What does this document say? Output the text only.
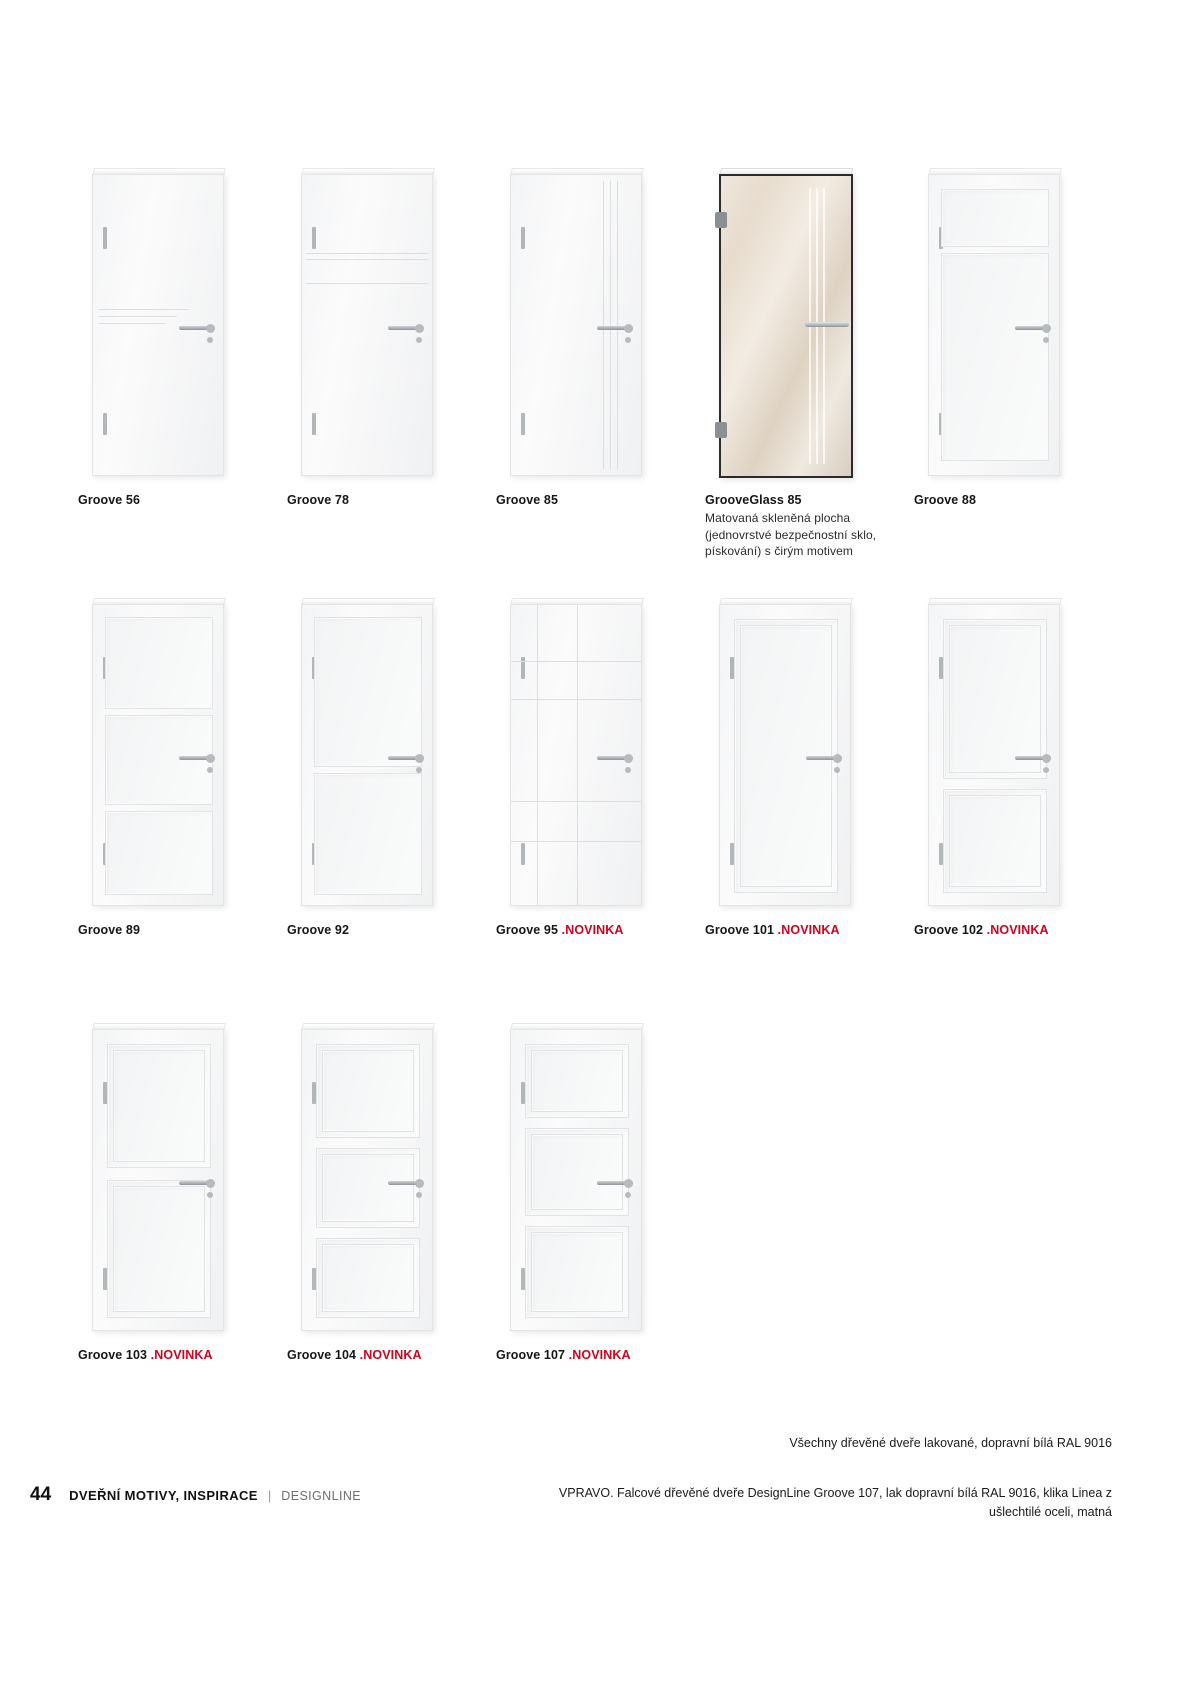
Groove 56	Groove 78	Groove 85	GrooveGlass 85
Matovaná skleněná plocha (jednovrstvé bezpečnostní sklo, pískování) s čirým motivem
Groove 88
Groove 89	Groove 92	Groove 95 .NOVINKA	Groove 101 .NOVINKA	Groove 102 .NOVINKA
Groove 103 .NOVINKA	Groove 104 .NOVINKA	Groove 107 .NOVINKA
Všechny dřevěné dveře lakované, dopravní bílá RAL 9016
VPRAVO. Falcové dřevěné dveře DesignLine Groove 107, lak dopravní bílá RAL 9016, klika Linea z ušlechtilé oceli, matná
44 DVEŘNÍ MOTIVY, INSPIRACE | DESIGNLINE
